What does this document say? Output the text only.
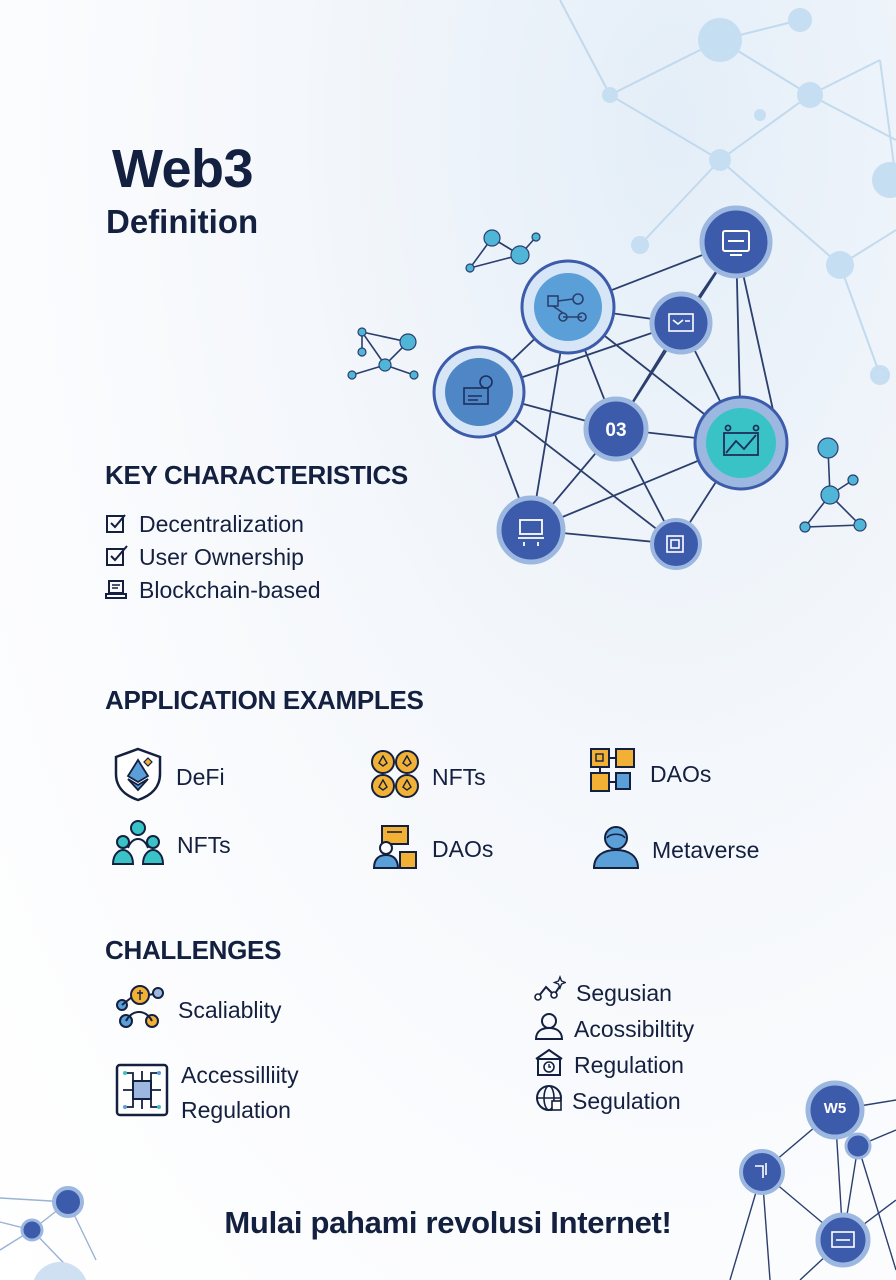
03
Web3
Definition
KEY CHARACTERISTICS
Decentralization
User Ownership
Blockchain-based
APPLICATION EXAMPLES
DeFi	NFTs	DAOs
NFTs	DAOs	Metaverse
CHALLENGES
Scaliablity
Accessilliity
Regulation
Segusian
Acossibiltity
Regulation
Segulation	W5
Mulai pahami revolusi Internet!
